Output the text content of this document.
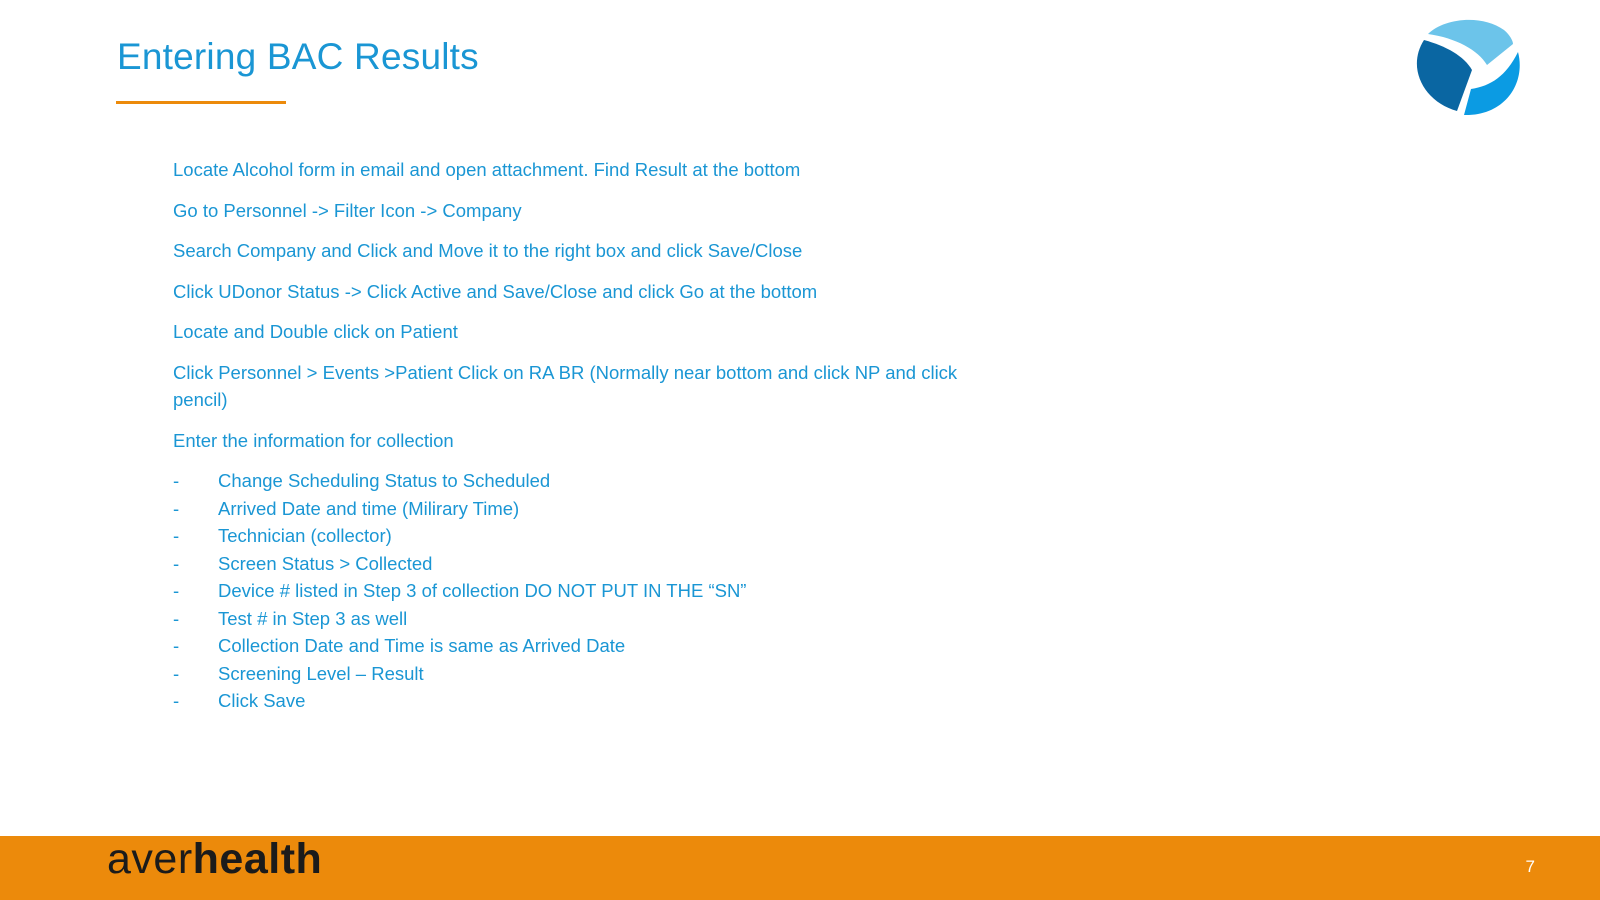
Entering BAC Results
Locate Alcohol form in email and open attachment. Find Result at the bottom
Go to Personnel -> Filter Icon -> Company
Search Company and Click and Move it to the right box and click Save/Close
Click UDonor Status -> Click Active and Save/Close and click Go at the bottom
Locate and Double click on Patient
Click Personnel > Events >Patient Click on RA BR (Normally near bottom and click NP and click pencil)
Enter the information for collection
-	Change Scheduling Status to Scheduled
-	Arrived Date and time (Milirary Time)
-	Technician (collector)
-	Screen Status > Collected
-	Device # listed in Step 3 of collection DO NOT PUT IN THE “SN”
-	Test # in Step 3 as well
-	Collection Date and Time is same as Arrived Date
-	Screening Level – Result
-	Click Save
averhealth	7
